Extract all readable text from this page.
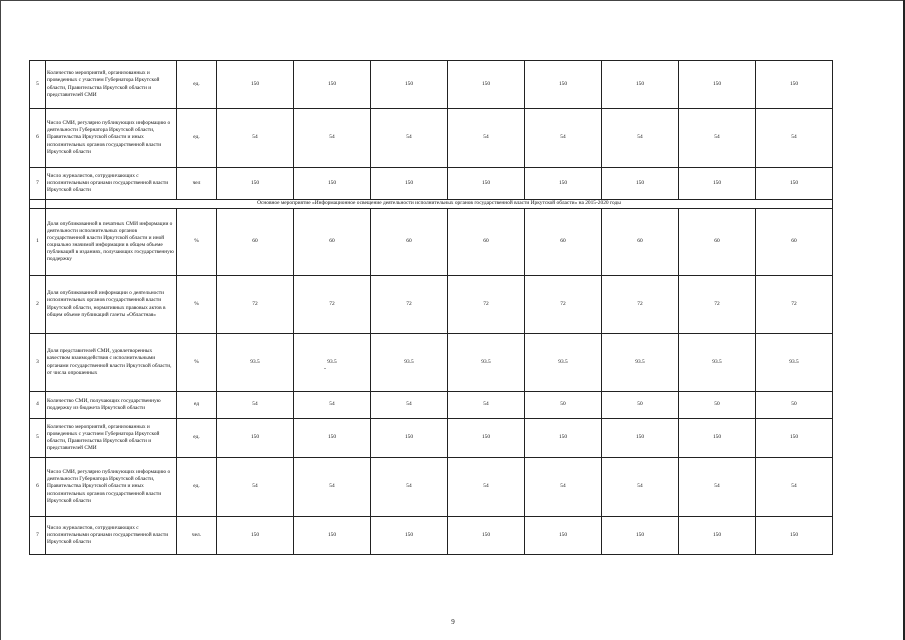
5	Количество мероприятий, организованных и проведенных с участием Губернатора Иркутской области, Правительства Иркутской области и представителей СМИ	ед.	150	150	150	150	150	150	150	150
6	Число СМИ, регулярно публикующих информацию о деятельности Губернатора Иркутской области, Правительства Иркутской области и иных исполнительных органов государственной власти Иркутской области	ед.	54	54	54	54	54	54	54	54
7	Число журналистов, сотрудничающих с исполнительными органами государственной власти Иркутской области	чел	150	150	150	150	150	150	150	150
	Основное мероприятие «Информационное освещение деятельности исполнительных органов государственной власти Иркутской области» на 2015-2020 годы									
1	Доля опубликованной в печатных СМИ информации о деятельности исполнительных органов государственной власти Иркутской области и иной социально значимой информации в общем объеме публикаций в изданиях, получающих государственную поддержку	%	60	60	60	60	60	60	60	60
2	Доля опубликованной информации о деятельности исполнительных органов государственной власти Иркутской области, нормативных правовых актов в общем объеме публикаций газеты «Областная»	%	72	72	72	72	72	72	72	72
3	Доля представителей СМИ, удовлетворенных качеством взаимодействия с исполнительными органами государственной власти Иркутской области, от числа опрошенных	%	93.5	93.5	93.5	93.5	93.5	93.5	93.5	93.5
4	Количество СМИ, получающих государственную поддержку из бюджета Иркутской области	ед	54	54	54	54	50	50	50	50
5	Количество мероприятий, организованных и проведенных с участием Губернатора Иркутской области, Правительства Иркутской области и представителей СМИ	ед.	150	150	150	150	150	150	150	150
6	Число СМИ, регулярно публикующих информацию о деятельности Губернатора Иркутской области, Правительства Иркутской области и иных исполнительных органов государственной власти Иркутской области	ед.	54	54	54	54	54	54	54	54
7	Число журналистов, сотрудничающих с исполнительными органами государственной власти Иркутской области	чел.	150	150	150	150	150	150	150	150
-
9
